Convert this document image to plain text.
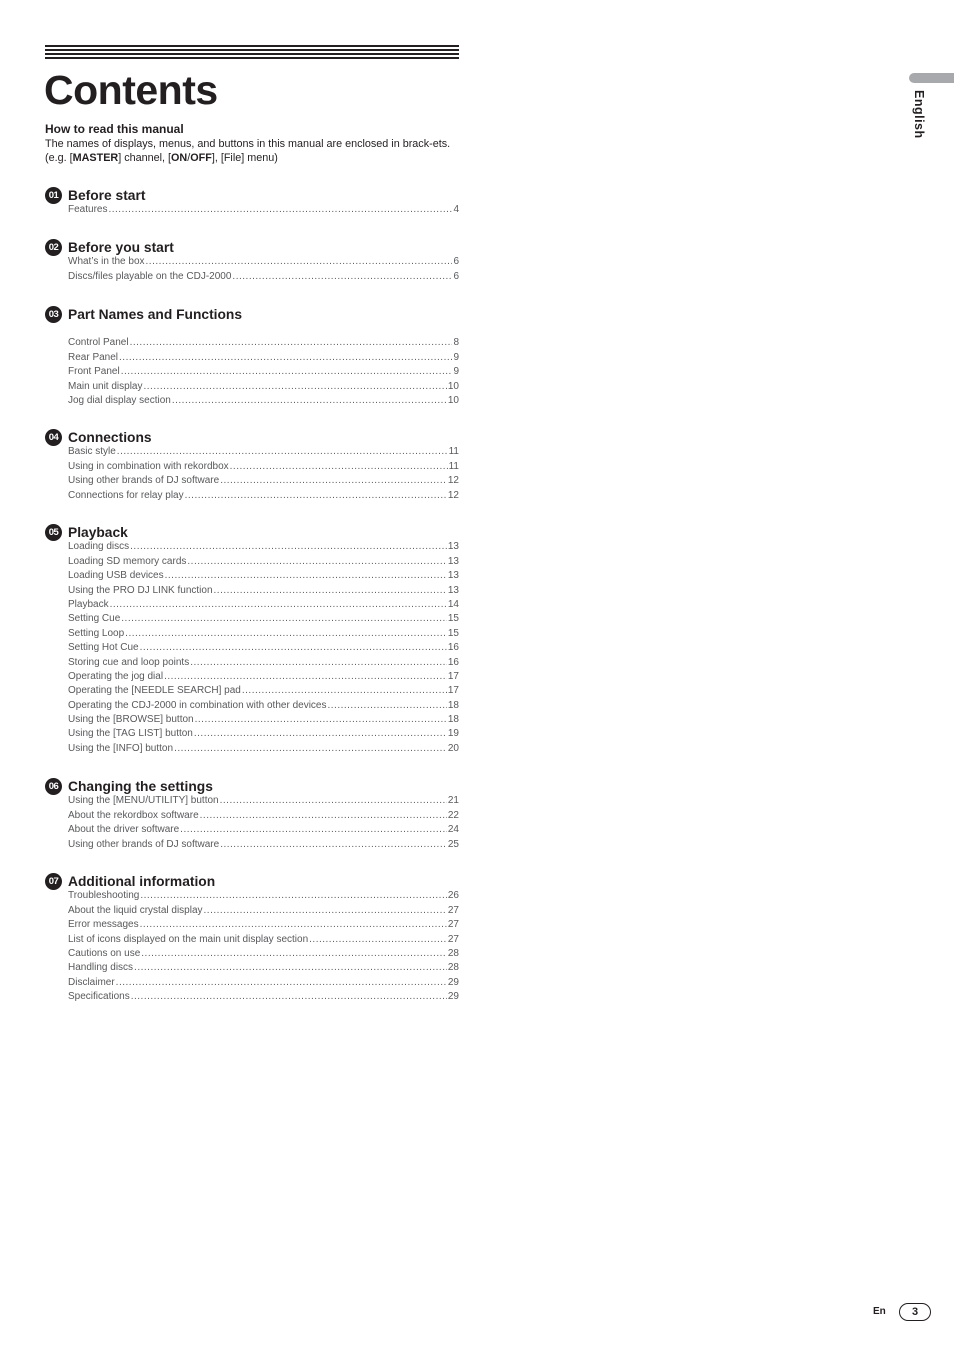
Contents
How to read this manual
The names of displays, menus, and buttons in this manual are enclosed in brack-ets. (e.g. [MASTER] channel, [ON/OFF], [File] menu)
01 Before start
Features .....	4
02 Before you start
What’s in the box .....	6
Discs/files playable on the CDJ-2000 .....	6
03 Part Names and Functions
Control Panel .....	8
Rear Panel .....	9
Front Panel .....	9
Main unit display .....	10
Jog dial display section .....	10
04 Connections
Basic style .....	11
Using in combination with rekordbox .....	11
Using other brands of DJ software .....	12
Connections for relay play .....	12
05 Playback
Loading discs .....	13
Loading SD memory cards .....	13
Loading USB devices .....	13
Using the PRO DJ LINK function .....	13
Playback .....	14
Setting Cue .....	15
Setting Loop .....	15
Setting Hot Cue .....	16
Storing cue and loop points .....	16
Operating the jog dial .....	17
Operating the [NEEDLE SEARCH] pad .....	17
Operating the CDJ-2000 in combination with other devices .....	18
Using the [BROWSE] button .....	18
Using the [TAG LIST] button .....	19
Using the [INFO] button .....	20
06 Changing the settings
Using the [MENU/UTILITY] button .....	21
About the rekordbox software .....	22
About the driver software .....	24
Using other brands of DJ software .....	25
07 Additional information
Troubleshooting .....	26
About the liquid crystal display .....	27
Error messages .....	27
List of icons displayed on the main unit display section .....	27
Cautions on use .....	28
Handling discs .....	28
Disclaimer .....	29
Specifications .....	29
English
En	3
